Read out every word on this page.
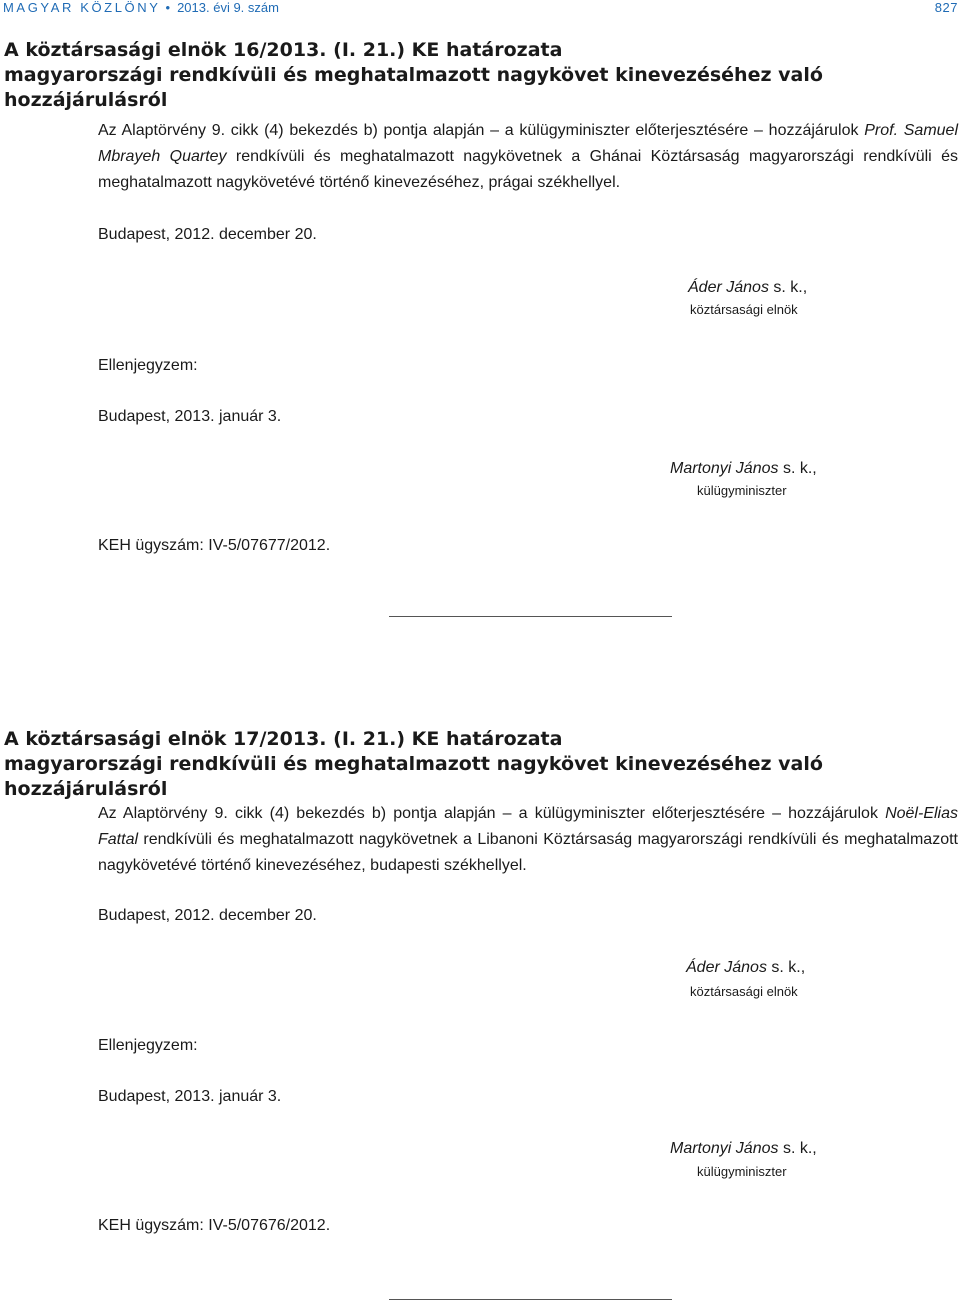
MAGYAR KÖZLÖNY • 2013. évi 9. szám	827
A köztársasági elnök 16/2013. (I. 21.) KE határozata
magyarországi rendkívüli és meghatalmazott nagykövet kinevezéséhez való hozzájárulásról
Az Alaptörvény 9. cikk (4) bekezdés b) pontja alapján – a külügyminiszter előterjesztésére – hozzájárulok Prof. Samuel Mbrayeh Quartey rendkívüli és meghatalmazott nagykövetnek a Ghánai Köztársaság magyarországi rendkívüli és meghatalmazott nagykövetévé történő kinevezéséhez, prágai székhellyel.
Budapest, 2012. december 20.
Áder János s. k.,
köztársasági elnök
Ellenjegyzem:
Budapest, 2013. január 3.
Martonyi János s. k.,
külügyminiszter
KEH ügyszám: IV-5/07677/2012.
A köztársasági elnök 17/2013. (I. 21.) KE határozata
magyarországi rendkívüli és meghatalmazott nagykövet kinevezéséhez való hozzájárulásról
Az Alaptörvény 9. cikk (4) bekezdés b) pontja alapján – a külügyminiszter előterjesztésére – hozzájárulok Noël-Elias Fattal rendkívüli és meghatalmazott nagykövetnek a Libanoni Köztársaság magyarországi rendkívüli és meghatalmazott nagykövetévé történő kinevezéséhez, budapesti székhellyel.
Budapest, 2012. december 20.
Áder János s. k.,
köztársasági elnök
Ellenjegyzem:
Budapest, 2013. január 3.
Martonyi János s. k.,
külügyminiszter
KEH ügyszám: IV-5/07676/2012.
